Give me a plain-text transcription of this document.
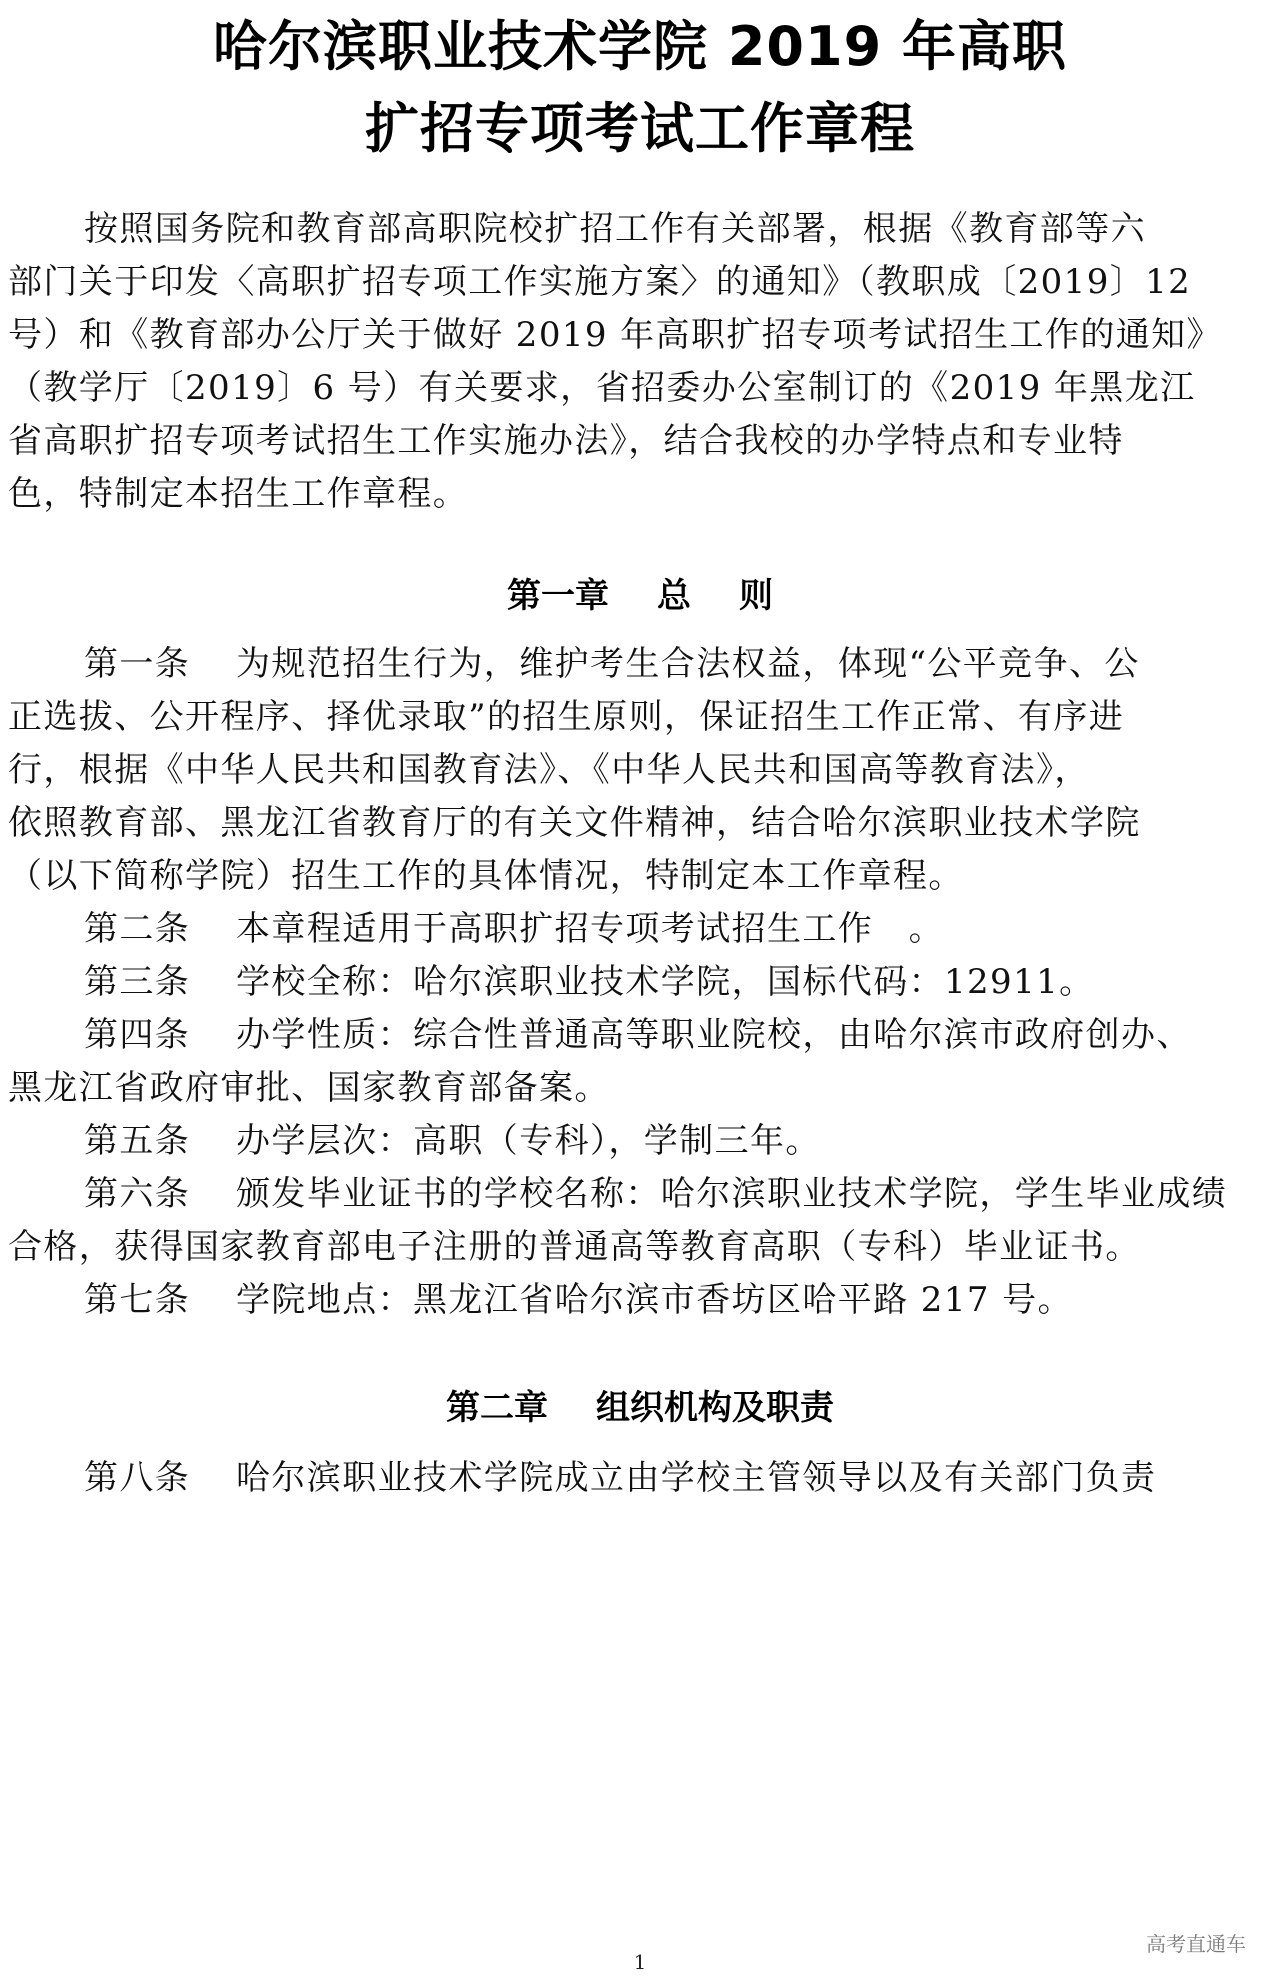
哈尔滨职业技术学院 2019 年高职
扩招专项考试工作章程
按照国务院和教育部高职院校扩招工作有关部署，根据《教育部等六
部门关于印发〈高职扩招专项工作实施方案〉的通知》（教职成〔2019〕12
号）和《教育部办公厅关于做好 2019 年高职扩招专项考试招生工作的通知》
（教学厅〔2019〕6 号）有关要求，省招委办公室制订的《2019 年黑龙江
省高职扩招专项考试招生工作实施办法》，结合我校的办学特点和专业特
色，特制定本招生工作章程。
第一章 总 则
第一条 为规范招生行为，维护考生合法权益，体现“公平竞争、公
正选拔、公开程序、择优录取”的招生原则，保证招生工作正常、有序进
行，根据《中华人民共和国教育法》、《中华人民共和国高等教育法》，
依照教育部、黑龙江省教育厅的有关文件精神，结合哈尔滨职业技术学院
（以下简称学院）招生工作的具体情况，特制定本工作章程。
第二条 本章程适用于高职扩招专项考试招生工作　。
第三条 学校全称：哈尔滨职业技术学院，国标代码：12911。
第四条 办学性质：综合性普通高等职业院校，由哈尔滨市政府创办、
黑龙江省政府审批、国家教育部备案。
第五条 办学层次：高职（专科），学制三年。
第六条 颁发毕业证书的学校名称：哈尔滨职业技术学院，学生毕业成绩
合格，获得国家教育部电子注册的普通高等教育高职（专科）毕业证书。
第七条 学院地点：黑龙江省哈尔滨市香坊区哈平路 217 号。
第二章 组织机构及职责
第八条 哈尔滨职业技术学院成立由学校主管领导以及有关部门负责
高考直通车
1
